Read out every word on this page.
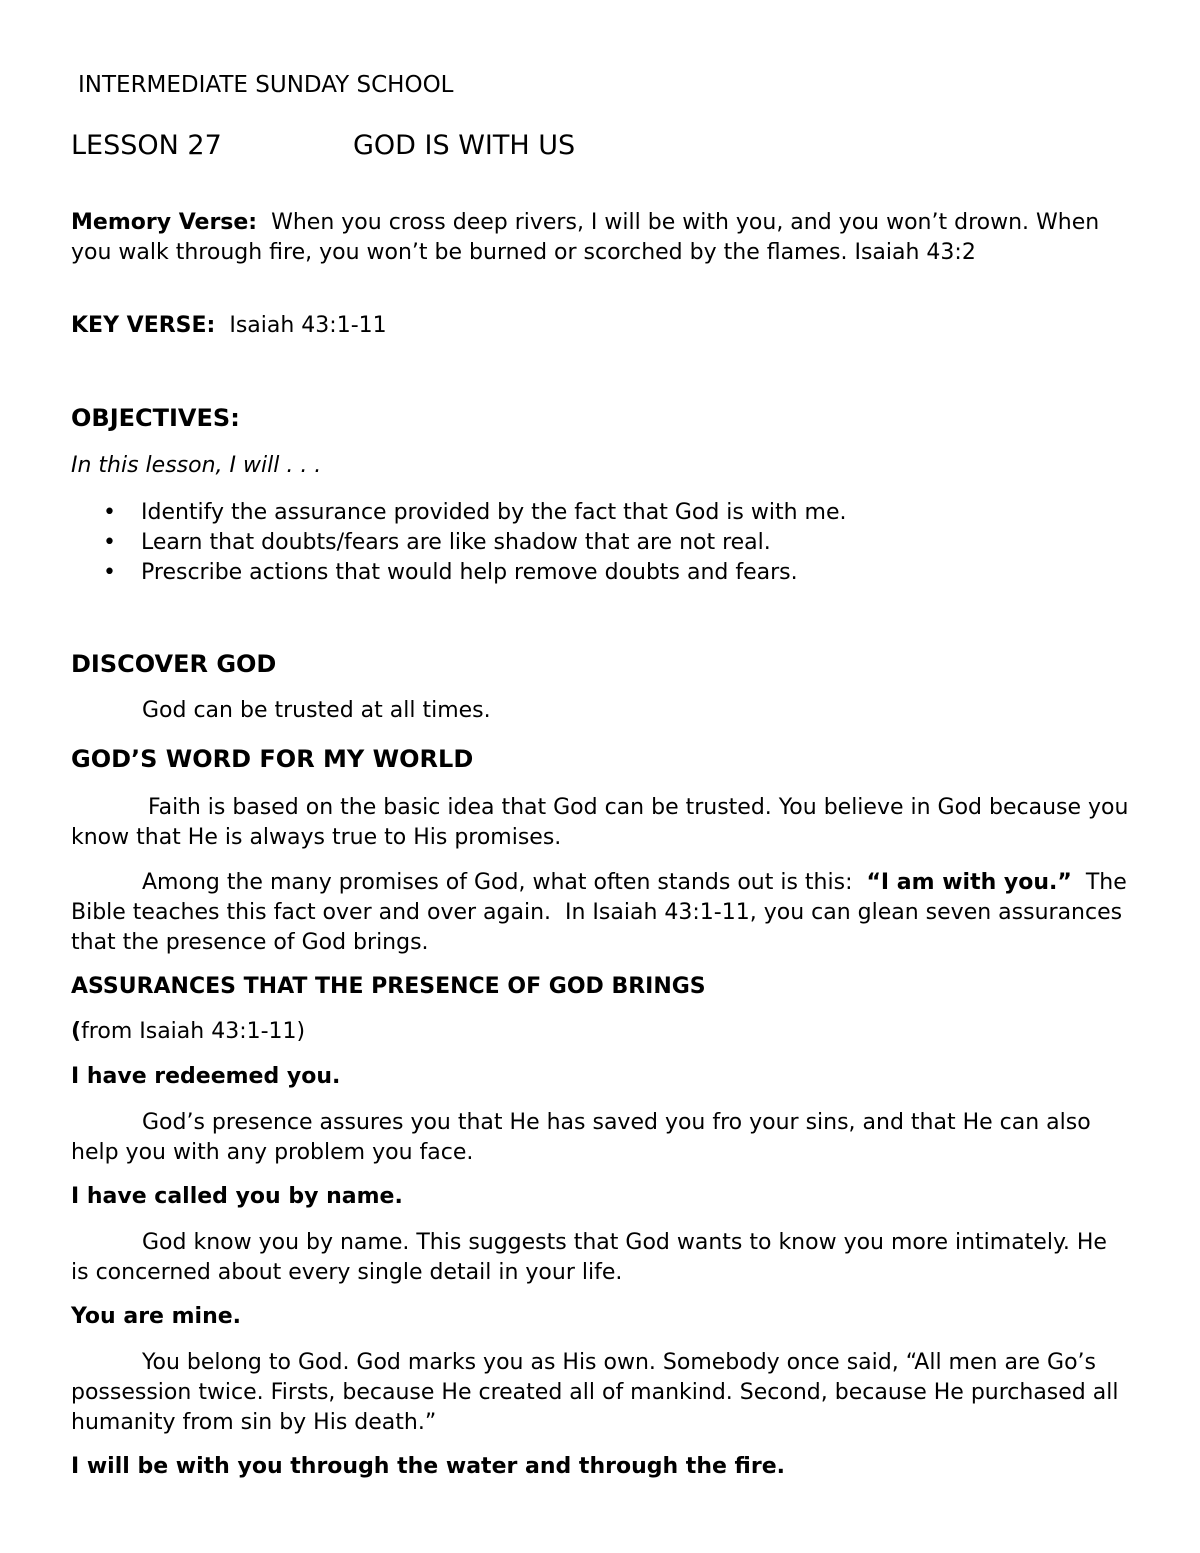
INTERMEDIATE SUNDAY SCHOOL
LESSON 27	GOD IS WITH US
Memory Verse: When you cross deep rivers, I will be with you, and you won’t drown. When you walk through fire, you won’t be burned or scorched by the flames. Isaiah 43:2
KEY VERSE: Isaiah 43:1-11
OBJECTIVES:
In this lesson, I will . . .
• Identify the assurance provided by the fact that God is with me.
• Learn that doubts/fears are like shadow that are not real.
• Prescribe actions that would help remove doubts and fears.
DISCOVER GOD
God can be trusted at all times.
GOD’S WORD FOR MY WORLD
Faith is based on the basic idea that God can be trusted. You believe in God because you know that He is always true to His promises.
Among the many promises of God, what often stands out is this:  “I am with you.”  The Bible teaches this fact over and over again.  In Isaiah 43:1-11, you can glean seven assurances that the presence of God brings.
ASSURANCES THAT THE PRESENCE OF GOD BRINGS
(from Isaiah 43:1-11)
I have redeemed you.
God’s presence assures you that He has saved you fro your sins, and that He can also help you with any problem you face.
I have called you by name.
God know you by name. This suggests that God wants to know you more intimately. He is concerned about every single detail in your life.
You are mine.
You belong to God. God marks you as His own. Somebody once said, “All men are Go’s possession twice. Firsts, because He created all of mankind. Second, because He purchased all humanity from sin by His death.”
I will be with you through the water and through the fire.
